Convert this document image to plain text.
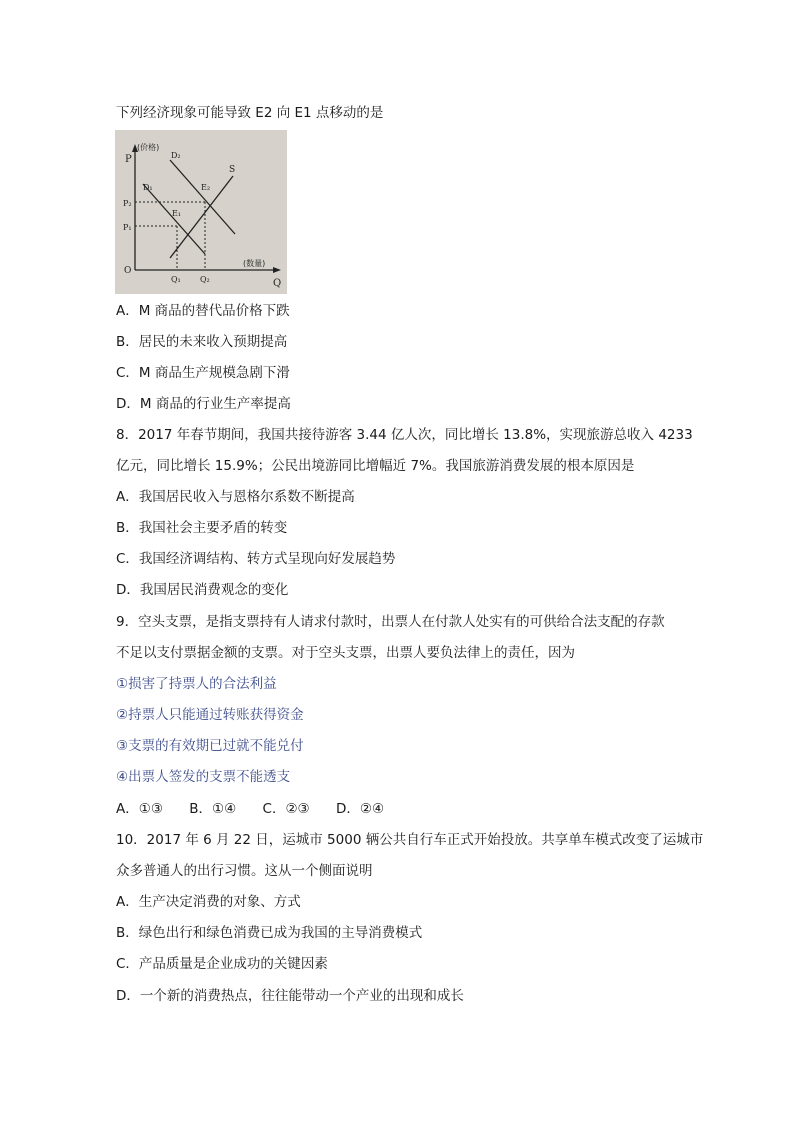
下列经济现象可能导致 E2 向 E1 点移动的是
P
(价格)
Q
(数量)
O
D₂
D₁
S
E₂
E₁
P₂
P₁
Q₁ Q₂
A．M 商品的替代品价格下跌
B．居民的未来收入预期提高
C．M 商品生产规模急剧下滑
D．M 商品的行业生产率提高
8．2017 年春节期间，我国共接待游客 3.44 亿人次，同比增长 13.8%，实现旅游总收入 4233
亿元，同比增长 15.9%；公民出境游同比增幅近 7%。我国旅游消费发展的根本原因是
A．我国居民收入与恩格尔系数不断提高
B．我国社会主要矛盾的转变
C．我国经济调结构、转方式呈现向好发展趋势
D．我国居民消费观念的变化
9．空头支票，是指支票持有人请求付款时，出票人在付款人处实有的可供给合法支配的存款
不足以支付票据金额的支票。对于空头支票，出票人要负法律上的责任，因为
①损害了持票人的合法利益
②持票人只能通过转账获得资金
③支票的有效期已过就不能兑付
④出票人签发的支票不能透支
A．①③ B．①④ C．②③ D．②④
10．2017 年 6 月 22 日，运城市 5000 辆公共自行车正式开始投放。共享单车模式改变了运城市
众多普通人的出行习惯。这从一个侧面说明
A．生产决定消费的对象、方式
B．绿色出行和绿色消费已成为我国的主导消费模式
C．产品质量是企业成功的关键因素
D．一个新的消费热点，往往能带动一个产业的出现和成长
